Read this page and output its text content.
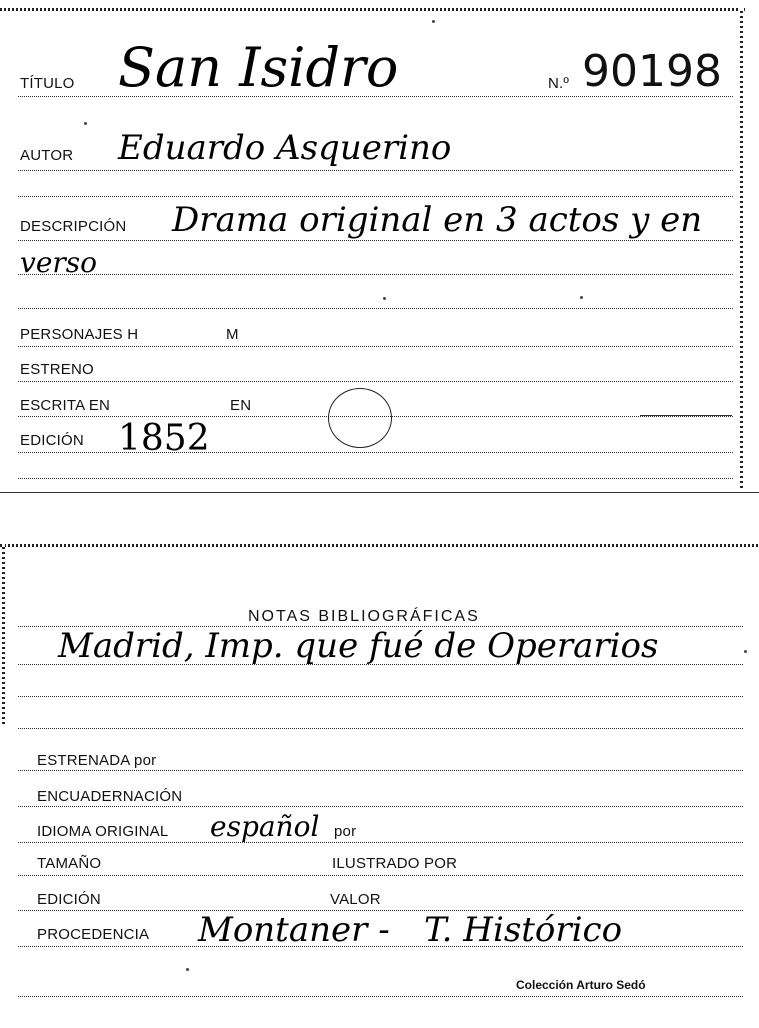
TÍTULO San Isidro	N.º 90198
AUTOR Eduardo Asquerino
DESCRIPCIÓN Drama original en 3 actos y en
verso
PERSONAJES H	M
ESTRENO
ESCRITA EN	EN
EDICIÓN 1852
NOTAS BIBLIOGRÁFICAS
Madrid, Imp. que fué de Operarios
ESTRENADA por
ENCUADERNACIÓN
IDIOMA ORIGINAL español por
TAMAÑO	ILUSTRADO POR
EDICIÓN	VALOR
PROCEDENCIA Montaner - T. Histórico
Colección Arturo Sedó
